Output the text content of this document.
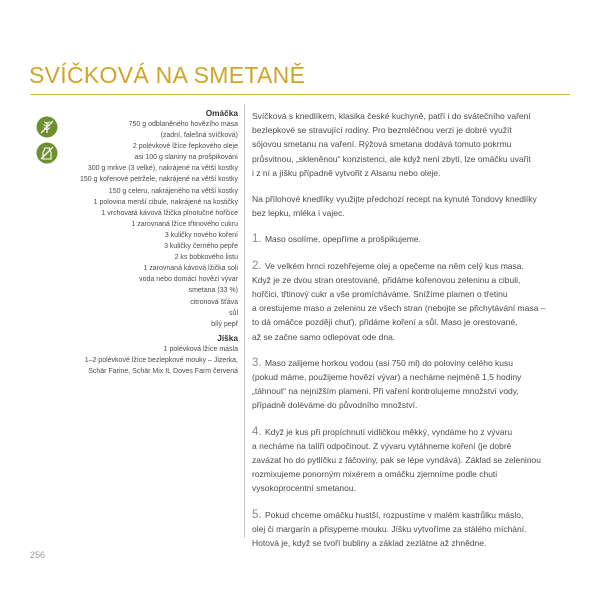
SVÍČKOVÁ NA SMETANĚ
Omáčka
750 g odblaněného hovězího masa
(zadní, falešná svíčková)
2 polévkové lžíce řepkového oleje
asi 100 g slaniny na prošpikování
300 g mrkve (3 velké), nakrájené na větší kostky
150 g kořenové petržele, nakrájené na větší kostky
150 g celeru, nakrájeného na větší kostky
1 polovina menší cibule, nakrájené na kostičky
1 vrchovatá kávová lžička plnotučné hořčice
1 zarovnaná lžíce třtinového cukru
3 kuličky nového koření
3 kuličky černého pepře
2 ks bobkového listu
1 zarovnaná kávová lžička soli
voda nebo domácí hovězí vývar
smetana (33 %)
citronová šťáva
sůl
bílý pepř
Jíška
1 polévková lžíce másla
1–2 polévkové lžíce bezlepkové mouky – Jizerka,
Schär Farine, Schär Mix It, Doves Farm červená

Svíčková s knedlíkem, klasika české kuchyně, patří i do svátečního vaření
bezlepkové se stravující rodiny. Pro bezmléčnou verzi je dobré využít
sójovou smetanu na vaření. Rýžová smetana dodává tomuto pokrmu
průsvitnou, „skleněnou“ konzistenci, ale když není zbytí, lze omáčku uvařit
i z ní a jíšku případně vytvořit z Alsanu nebo oleje.

Na přílohové knedlíky využijte předchozí recept na kynuté Tondovy knedlíky
bez lepku, mléka i vajec.

1. Maso osolíme, opepříme a prošpikujeme.

2. Ve velkém hrnci rozehřejeme olej a opečeme na něm celý kus masa.
Když je ze dvou stran orestované, přidáme kořenovou zeleninu a cibuli,
hořčici, třtinový cukr a vše promícháváme. Snížíme plamen o třetinu
a orestujeme maso a zeleninu ze všech stran (nebojte se přichytávání masa –
to dá omáčce později chuť), přidáme koření a sůl. Maso je orestované,
až se začne samo odlepovat ode dna.

3. Maso zalijeme horkou vodou (asi 750 ml) do poloviny celého kusu
(pokud máme, použijeme hovězí vývar) a necháme nejméně 1,5 hodiny
„táhnout“ na nejnižším plameni. Při vaření kontrolujeme množství vody,
případně doléváme do původního množství.

4. Když je kus při propíchnutí vidličkou měkký, vyndáme ho z vývaru
a necháme na talíři odpočinout. Z vývaru vytáhneme koření (je dobré
zavázat ho do pytlíčku z fáčoviny, pak se lépe vyndává). Základ se zeleninou
rozmixujeme ponorným mixérem a omáčku zjemníme podle chuti
vysokoprocentní smetanou.

5. Pokud chceme omáčku hustší, rozpustíme v malém kastrůlku máslo,
olej či margarín a přisypeme mouku. Jíšku vytvoříme za stálého míchání.
Hotová je, když se tvoří bubliny a základ zezlátne až zhnědne.

256
